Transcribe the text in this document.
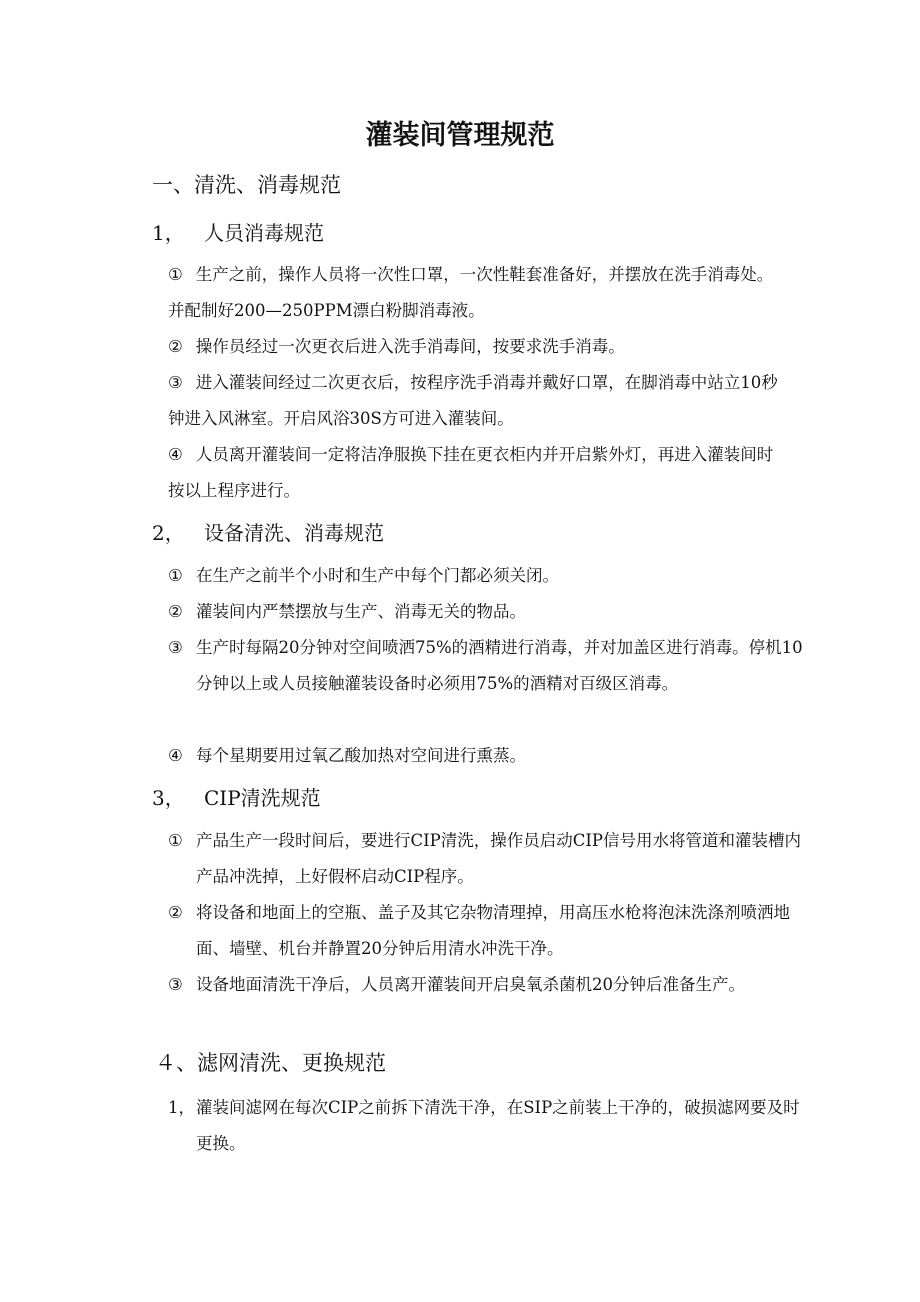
灌装间管理规范
一、清洗、消毒规范
1， 人员消毒规范
① 生产之前，操作人员将一次性口罩，一次性鞋套准备好，并摆放在洗手消毒处。并配制好200—250PPM漂白粉脚消毒液。
② 操作员经过一次更衣后进入洗手消毒间，按要求洗手消毒。
③ 进入灌装间经过二次更衣后，按程序洗手消毒并戴好口罩，在脚消毒中站立10秒钟进入风淋室。开启风浴30S方可进入灌装间。
④ 人员离开灌装间一定将洁净服换下挂在更衣柜内并开启紫外灯，再进入灌装间时按以上程序进行。
2， 设备清洗、消毒规范
① 在生产之前半个小时和生产中每个门都必须关闭。
② 灌装间内严禁摆放与生产、消毒无关的物品。
③ 生产时每隔20分钟对空间喷洒75%的酒精进行消毒，并对加盖区进行消毒。停机10分钟以上或人员接触灌装设备时必须用75%的酒精对百级区消毒。
④ 每个星期要用过氧乙酸加热对空间进行熏蒸。
3， CIP清洗规范
① 产品生产一段时间后，要进行CIP清洗，操作员启动CIP信号用水将管道和灌装槽内产品冲洗掉，上好假杯启动CIP程序。
② 将设备和地面上的空瓶、盖子及其它杂物清理掉，用高压水枪将泡沫洗涤剂喷洒地面、墙壁、机台并静置20分钟后用清水冲洗干净。
③ 设备地面清洗干净后，人员离开灌装间开启臭氧杀菌机20分钟后准备生产。
４、滤网清洗、更换规范
1，灌装间滤网在每次CIP之前拆下清洗干净，在SIP之前装上干净的，破损滤网要及时更换。
